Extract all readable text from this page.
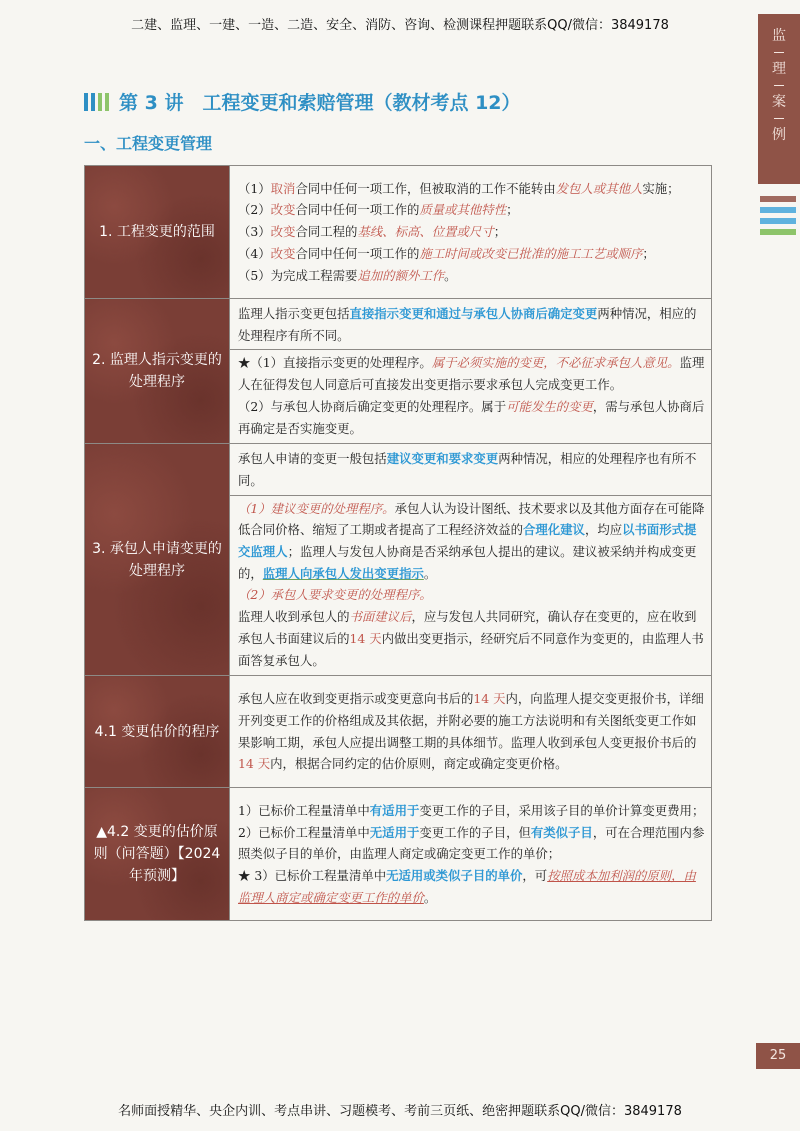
二建、监理、一建、一造、二造、安全、消防、咨询、检测课程押题联系QQ/微信：3849178
监
理
案
例
第 3 讲　工程变更和索赔管理（教材考点 12）
一、工程变更管理
1. 工程变更的范围	（1）取消合同中任何一项工作，但被取消的工作不能转由发包人或其他人实施；

（2）改变合同中任何一项工作的质量或其他特性；

（3）改变合同工程的基线、标高、位置或尺寸；

（4）改变合同中任何一项工作的施工时间或改变已批准的施工工艺或顺序；

（5）为完成工程需要追加的额外工作。

2. 监理人指示变更的处理程序	监理人指示变更包括直接指示变更和通过与承包人协商后确定变更两种情况，相应的处理程序有所不同。

★（1）直接指示变更的处理程序。属于必须实施的变更，不必征求承包人意见。监理人在征得发包人同意后可直接发出变更指示要求承包人完成变更工作。

（2）与承包人协商后确定变更的处理程序。属于可能发生的变更，需与承包人协商后再确定是否实施变更。

3. 承包人申请变更的处理程序	承包人申请的变更一般包括建议变更和要求变更两种情况，相应的处理程序也有所不同。

（1）建议变更的处理程序。承包人认为设计图纸、技术要求以及其他方面存在可能降低合同价格、缩短了工期或者提高了工程经济效益的合理化建议，均应以书面形式提交监理人；监理人与发包人协商是否采纳承包人提出的建议。建议被采纳并构成变更的，监理人向承包人发出变更指示。

（2）承包人要求变更的处理程序。

监理人收到承包人的书面建议后，应与发包人共同研究，确认存在变更的，应在收到承包人书面建议后的14 天内做出变更指示，经研究后不同意作为变更的，由监理人书面答复承包人。

4.1 变更估价的程序	承包人应在收到变更指示或变更意向书后的14 天内，向监理人提交变更报价书，详细开列变更工作的价格组成及其依据，并附必要的施工方法说明和有关图纸变更工作如果影响工期，承包人应提出调整工期的具体细节。监理人收到承包人变更报价书后的14 天内，根据合同约定的估价原则，商定或确定变更价格。

▲4.2 变更的估价原则（问答题）【2024 年预测】	1）已标价工程量清单中有适用于变更工作的子目，采用该子目的单价计算变更费用；

2）已标价工程量清单中无适用于变更工作的子目，但有类似子目，可在合理范围内参照类似子目的单价，由监理人商定或确定变更工作的单价；

★ 3）已标价工程量清单中无适用或类似子目的单价，可按照成本加利润的原则，由监理人商定或确定变更工作的单价。

25
名师面授精华、央企内训、考点串讲、习题模考、考前三页纸、绝密押题联系QQ/微信：3849178
